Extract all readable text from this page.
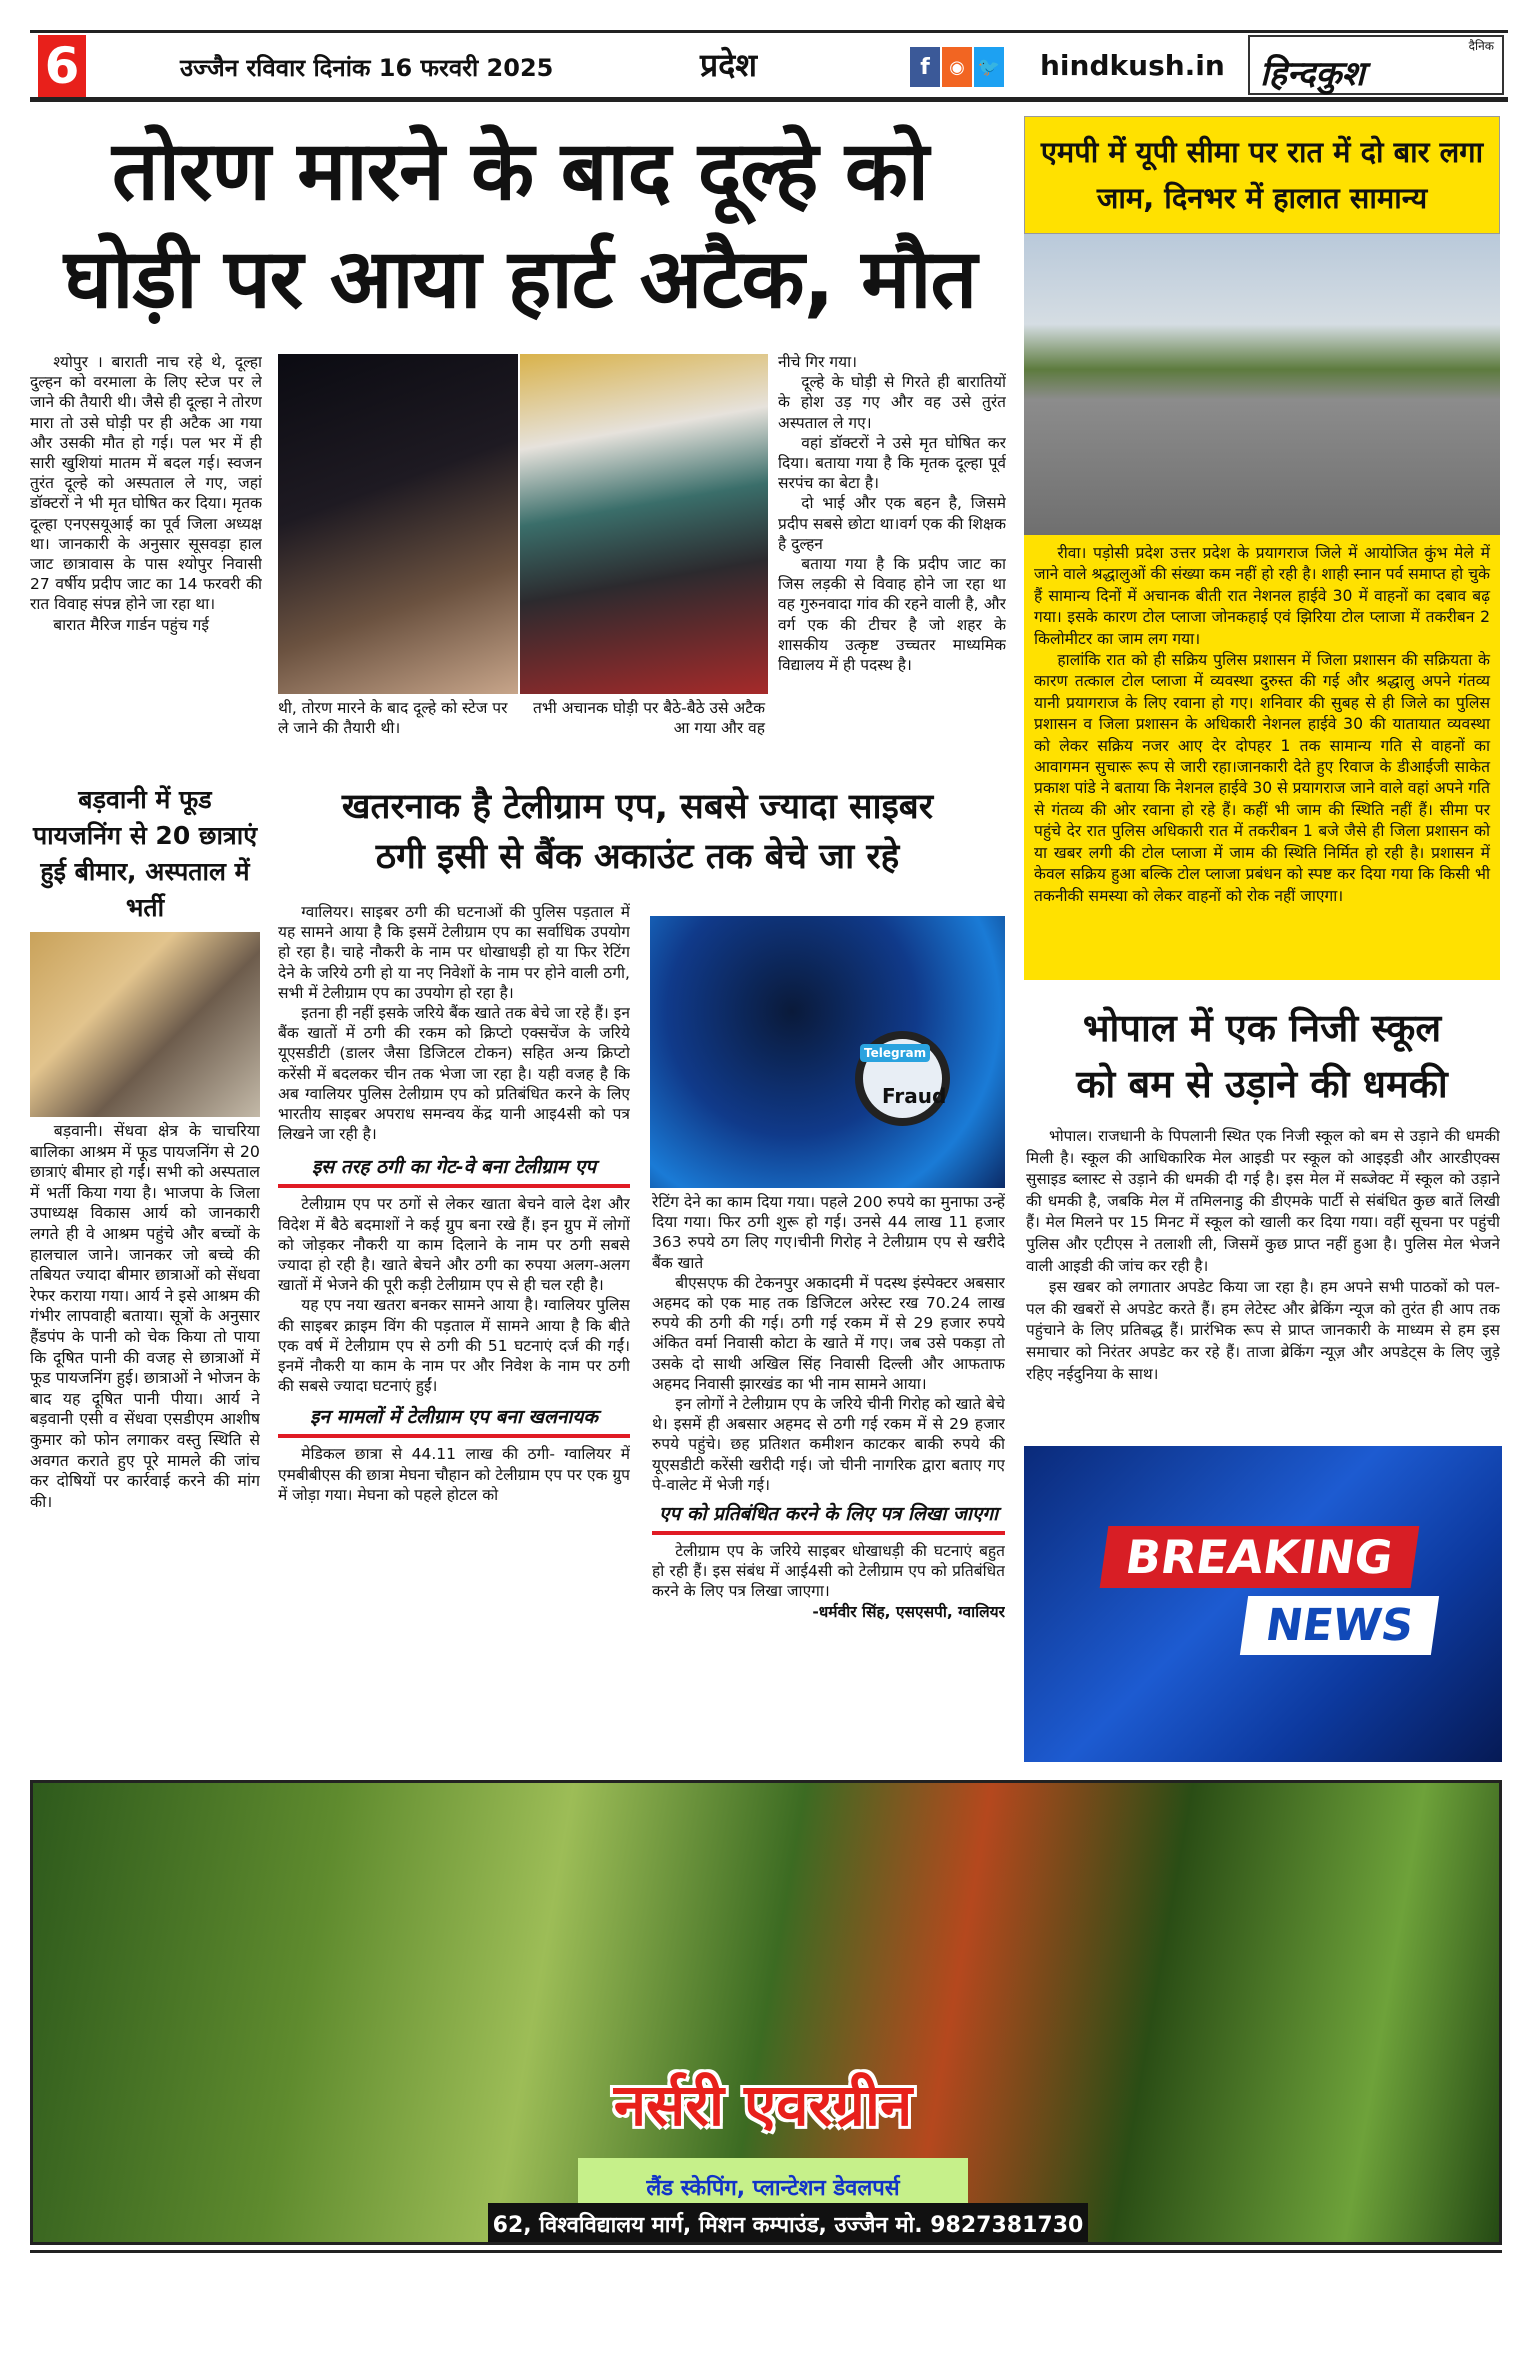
6	उज्जैन रविवार दिनांक 16 फरवरी 2025	प्रदेश	f	◉ 🐦 hindkush.in
दैनिक
हिन्दकुश
तोरण मारने के बाद दूल्हे को
घोड़ी पर आया हार्ट अटैक, मौत

श्योपुर । बाराती नाच रहे थे, दूल्हा दुल्हन को वरमाला के लिए स्टेज पर ले जाने की तैयारी थी। जैसे ही दूल्हा ने तोरण मारा तो उसे घोड़ी पर ही अटैक आ गया और उसकी मौत हो गई। पल भर में ही सारी खुशियां मातम में बदल गई। स्वजन तुरंत दूल्हे को अस्पताल ले गए, जहां डॉक्टरों ने भी मृत घोषित कर दिया। मृतक दूल्हा एनएसयूआई का पूर्व जिला अध्यक्ष था। जानकारी के अनुसार सूसवड़ा हाल जाट छात्रावास के पास श्योपुर निवासी 27 वर्षीय प्रदीप जाट का 14 फरवरी की रात विवाह संपन्न होने जा रहा था।

बारात मैरिज गार्डन पहुंच गई

थी, तोरण मारने के बाद दूल्हे को स्टेज पर ले जाने की तैयारी थी।
तभी अचानक घोड़ी पर बैठे-बैठे उसे अटैक आ गया और वह

नीचे गिर गया।

दूल्हे के घोड़ी से गिरते ही बारातियों के होश उड़ गए और वह उसे तुरंत अस्पताल ले गए।

वहां डॉक्टरों ने उसे मृत घोषित कर दिया। बताया गया है कि मृतक दूल्हा पूर्व सरपंच का बेटा है।

दो भाई और एक बहन है, जिसमे प्रदीप सबसे छोटा था।वर्ग एक की शिक्षक है दुल्हन

बताया गया है कि प्रदीप जाट का जिस लड़की से विवाह होने जा रहा था वह गुरुनवादा गांव की रहने वाली है, और वर्ग एक की टीचर है जो शहर के शासकीय उत्कृष्ट उच्चतर माध्यमिक विद्यालय में ही पदस्थ है।

एमपी में यूपी सीमा पर रात में दो बार लगा जाम, दिनभर में हालात सामान्य

रीवा। पड़ोसी प्रदेश उत्तर प्रदेश के प्रयागराज जिले में आयोजित कुंभ मेले में जाने वाले श्रद्धालुओं की संख्या कम नहीं हो रही है। शाही स्नान पर्व समाप्त हो चुके हैं सामान्य दिनों में अचानक बीती रात नेशनल हाईवे 30 में वाहनों का दबाव बढ़ गया। इसके कारण टोल प्लाजा जोनकहाई एवं झिरिया टोल प्लाजा में तकरीबन 2 किलोमीटर का जाम लग गया।

हालांकि रात को ही सक्रिय पुलिस प्रशासन में जिला प्रशासन की सक्रियता के कारण तत्काल टोल प्लाजा में व्यवस्था दुरुस्त की गई और श्रद्धालु अपने गंतव्य यानी प्रयागराज के लिए रवाना हो गए। शनिवार की सुबह से ही जिले का पुलिस प्रशासन व जिला प्रशासन के अधिकारी नेशनल हाईवे 30 की यातायात व्यवस्था को लेकर सक्रिय नजर आए देर दोपहर 1 तक सामान्य गति से वाहनों का आवागमन सुचारू रूप से जारी रहा।जानकारी देते हुए रिवाज के डीआईजी साकेत प्रकाश पांडे ने बताया कि नेशनल हाईवे 30 से प्रयागराज जाने वाले वहां अपने गति से गंतव्य की ओर रवाना हो रहे हैं। कहीं भी जाम की स्थिति नहीं हैं। सीमा पर पहुंचे देर रात पुलिस अधिकारी रात में तकरीबन 1 बजे जैसे ही जिला प्रशासन को या खबर लगी की टोल प्लाजा में जाम की स्थिति निर्मित हो रही है। प्रशासन में केवल सक्रिय हुआ बल्कि टोल प्लाजा प्रबंधन को स्पष्ट कर दिया गया कि किसी भी तकनीकी समस्या को लेकर वाहनों को रोक नहीं जाएगा।

बड़वानी में फूड पायजनिंग से 20 छात्राएं हुई बीमार, अस्पताल में भर्ती

बड़वानी। सेंधवा क्षेत्र के चाचरिया बालिका आश्रम में फूड पायजनिंग से 20 छात्राएं बीमार हो गईं। सभी को अस्पताल में भर्ती किया गया है। भाजपा के जिला उपाध्यक्ष विकास आर्य को जानकारी लगते ही वे आश्रम पहुंचे और बच्चों के हालचाल जाने। जानकर जो बच्चे की तबियत ज्यादा बीमार छात्राओं को सेंधवा रेफर कराया गया। आर्य ने इसे आश्रम की गंभीर लापवाही बताया। सूत्रों के अनुसार हैंडपंप के पानी को चेक किया तो पाया कि दूषित पानी की वजह से छात्राओं में फूड पायजनिंग हुई। छात्राओं ने भोजन के बाद यह दूषित पानी पीया। आर्य ने बड़वानी एसी व सेंधवा एसडीएम आशीष कुमार को फोन लगाकर वस्तु स्थिति से अवगत कराते हुए पूरे मामले की जांच कर दोषियों पर कार्रवाई करने की मांग की।

खतरनाक है टेलीग्राम एप, सबसे ज्यादा साइबर
ठगी इसी से बैंक अकाउंट तक बेचे जा रहे

ग्वालियर। साइबर ठगी की घटनाओं की पुलिस पड़ताल में यह सामने आया है कि इसमें टेलीग्राम एप का सर्वाधिक उपयोग हो रहा है। चाहे नौकरी के नाम पर धोखाधड़ी हो या फिर रेटिंग देने के जरिये ठगी हो या नए निवेशों के नाम पर होने वाली ठगी, सभी में टेलीग्राम एप का उपयोग हो रहा है।

इतना ही नहीं इसके जरिये बैंक खाते तक बेचे जा रहे हैं। इन बैंक खातों में ठगी की रकम को क्रिप्टो एक्सचेंज के जरिये यूएसडीटी (डालर जैसा डिजिटल टोकन) सहित अन्य क्रिप्टो करेंसी में बदलकर चीन तक भेजा जा रहा है। यही वजह है कि अब ग्वालियर पुलिस टेलीग्राम एप को प्रतिबंधित करने के लिए भारतीय साइबर अपराध समन्वय केंद्र यानी आइ4सी को पत्र लिखने जा रही है।

इस तरह ठगी का गेट-वे बना टेलीग्राम एप

टेलीग्राम एप पर ठगों से लेकर खाता बेचने वाले देश और विदेश में बैठे बदमाशों ने कई ग्रुप बना रखे हैं। इन ग्रुप में लोगों को जोड़कर नौकरी या काम दिलाने के नाम पर ठगी सबसे ज्यादा हो रही है। खाते बेचने और ठगी का रुपया अलग-अलग खातों में भेजने की पूरी कड़ी टेलीग्राम एप से ही चल रही है।

यह एप नया खतरा बनकर सामने आया है। ग्वालियर पुलिस की साइबर क्राइम विंग की पड़ताल में सामने आया है कि बीते एक वर्ष में टेलीग्राम एप से ठगी की 51 घटनाएं दर्ज की गईं। इनमें नौकरी या काम के नाम पर और निवेश के नाम पर ठगी की सबसे ज्यादा घटनाएं हुईं।

इन मामलों में टेलीग्राम एप बना खलनायक

मेडिकल छात्रा से 44.11 लाख की ठगी- ग्वालियर में एमबीबीएस की छात्रा मेघना चौहान को टेलीग्राम एप पर एक ग्रुप में जोड़ा गया। मेघना को पहले होटल को

Telegram
Fraud

रेटिंग देने का काम दिया गया। पहले 200 रुपये का मुनाफा उन्हें दिया गया। फिर ठगी शुरू हो गई। उनसे 44 लाख 11 हजार 363 रुपये ठग लिए गए।चीनी गिरोह ने टेलीग्राम एप से खरीदे बैंक खाते

बीएसएफ की टेकनपुर अकादमी में पदस्थ इंस्पेक्टर अबसार अहमद को एक माह तक डिजिटल अरेस्ट रख 70.24 लाख रुपये की ठगी की गई। ठगी गई रकम में से 29 हजार रुपये अंकित वर्मा निवासी कोटा के खाते में गए। जब उसे पकड़ा तो उसके दो साथी अखिल सिंह निवासी दिल्ली और आफताफ अहमद निवासी झारखंड का भी नाम सामने आया।

इन लोगों ने टेलीग्राम एप के जरिये चीनी गिरोह को खाते बेचे थे। इसमें ही अबसार अहमद से ठगी गई रकम में से 29 हजार रुपये पहुंचे। छह प्रतिशत कमीशन काटकर बाकी रुपये की यूएसडीटी करेंसी खरीदी गई। जो चीनी नागरिक द्वारा बताए गए पे-वालेट में भेजी गई।

एप को प्रतिबंधित करने के लिए पत्र लिखा जाएगा

टेलीग्राम एप के जरिये साइबर धोखाधड़ी की घटनाएं बहुत हो रही हैं। इस संबंध में आई4सी को टेलीग्राम एप को प्रतिबंधित करने के लिए पत्र लिखा जाएगा।

-धर्मवीर सिंह, एसएसपी, ग्वालियर
भोपाल में एक निजी स्कूल
को बम से उड़ाने की धमकी

भोपाल। राजधानी के पिपलानी स्थित एक निजी स्कूल को बम से उड़ाने की धमकी मिली है। स्कूल की आधिकारिक मेल आइडी पर स्कूल को आइइडी और आरडीएक्स सुसाइड ब्लास्ट से उड़ाने की धमकी दी गई है। इस मेल में सब्जेक्ट में स्कूल को उड़ाने की धमकी है, जबकि मेल में तमिलनाडु की डीएमके पार्टी से संबंधित कुछ बातें लिखी हैं। मेल मिलने पर 15 मिनट में स्कूल को खाली कर दिया गया। वहीं सूचना पर पहुंची पुलिस और एटीएस ने तलाशी ली, जिसमें कुछ प्राप्त नहीं हुआ है। पुलिस मेल भेजने वाली आइडी की जांच कर रही है।

इस खबर को लगातार अपडेट किया जा रहा है। हम अपने सभी पाठकों को पल-पल की खबरों से अपडेट करते हैं। हम लेटेस्ट और ब्रेकिंग न्यूज को तुरंत ही आप तक पहुंचाने के लिए प्रतिबद्ध हैं। प्रारंभिक रूप से प्राप्त जानकारी के माध्यम से हम इस समाचार को निरंतर अपडेट कर रहे हैं। ताजा ब्रेकिंग न्यूज़ और अपडेट्स के लिए जुड़े रहिए नईदुनिया के साथ।

BREAKING
NEWS
नर्सरी एवरग्रीन
लैंड स्केपिंग, प्लान्टेशन डेवलपर्स
62, विश्वविद्यालय मार्ग, मिशन कम्पाउंड, उज्जैन मो. 9827381730
